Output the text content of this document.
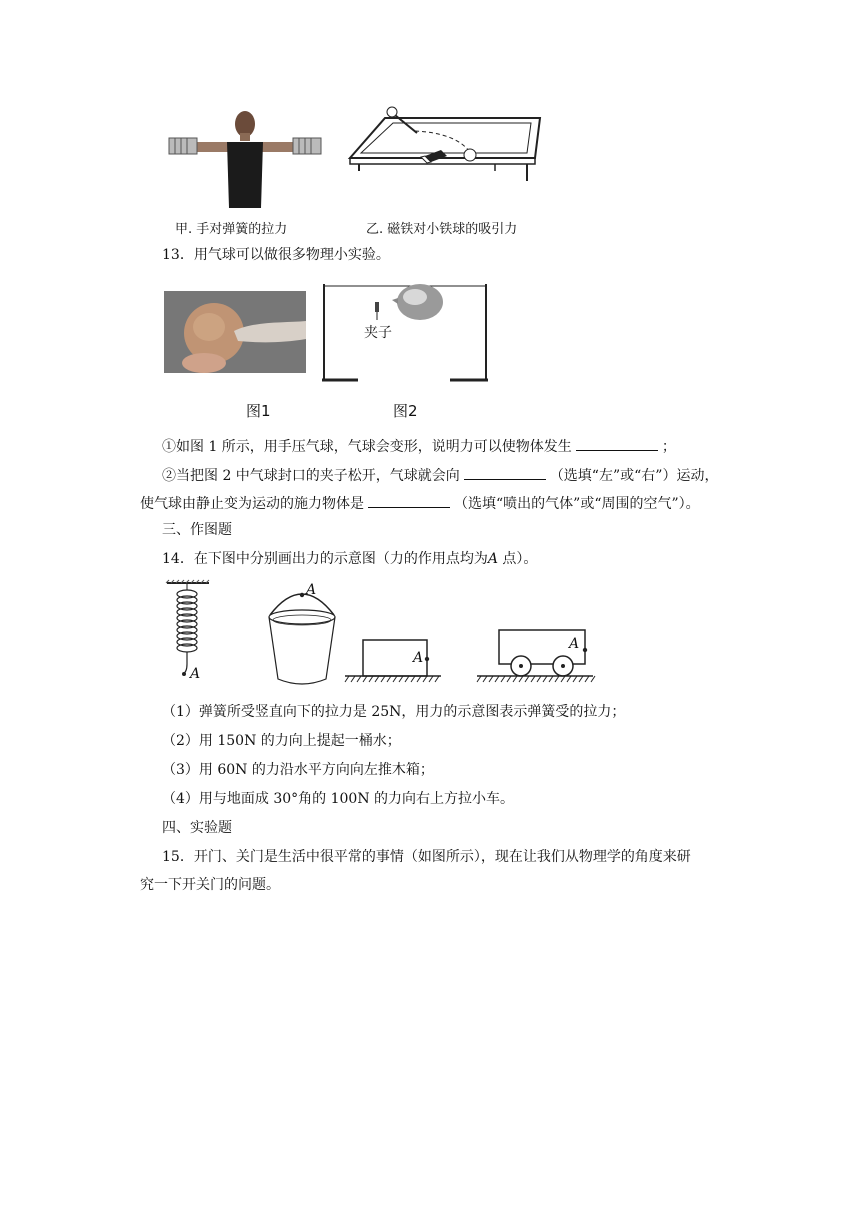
甲. 手对弹簧的拉力	乙. 磁铁对小铁球的吸引力
13．用气球可以做很多物理小实验。
夹子
图1	图2
①如图 1 所示，用手压气球，气球会变形，说明力可以使物体发生	；
②当把图 2 中气球封口的夹子松开，气球就会向	（选填“左”或“右”）运动，
使气球由静止变为运动的施力物体是	（选填“喷出的气体”或“周围的空气”）。
三、作图题
14．在下图中分别画出力的示意图（力的作用点均为A 点）。
A
A
A
A
（1）弹簧所受竖直向下的拉力是 25N，用力的示意图表示弹簧受的拉力；
（2）用 150N 的力向上提起一桶水；
（3）用 60N 的力沿水平方向向左推木箱；
（4）用与地面成 30°角的 100N 的力向右上方拉小车。
四、实验题
15．开门、关门是生活中很平常的事情（如图所示），现在让我们从物理学的角度来研
究一下开关门的问题。
